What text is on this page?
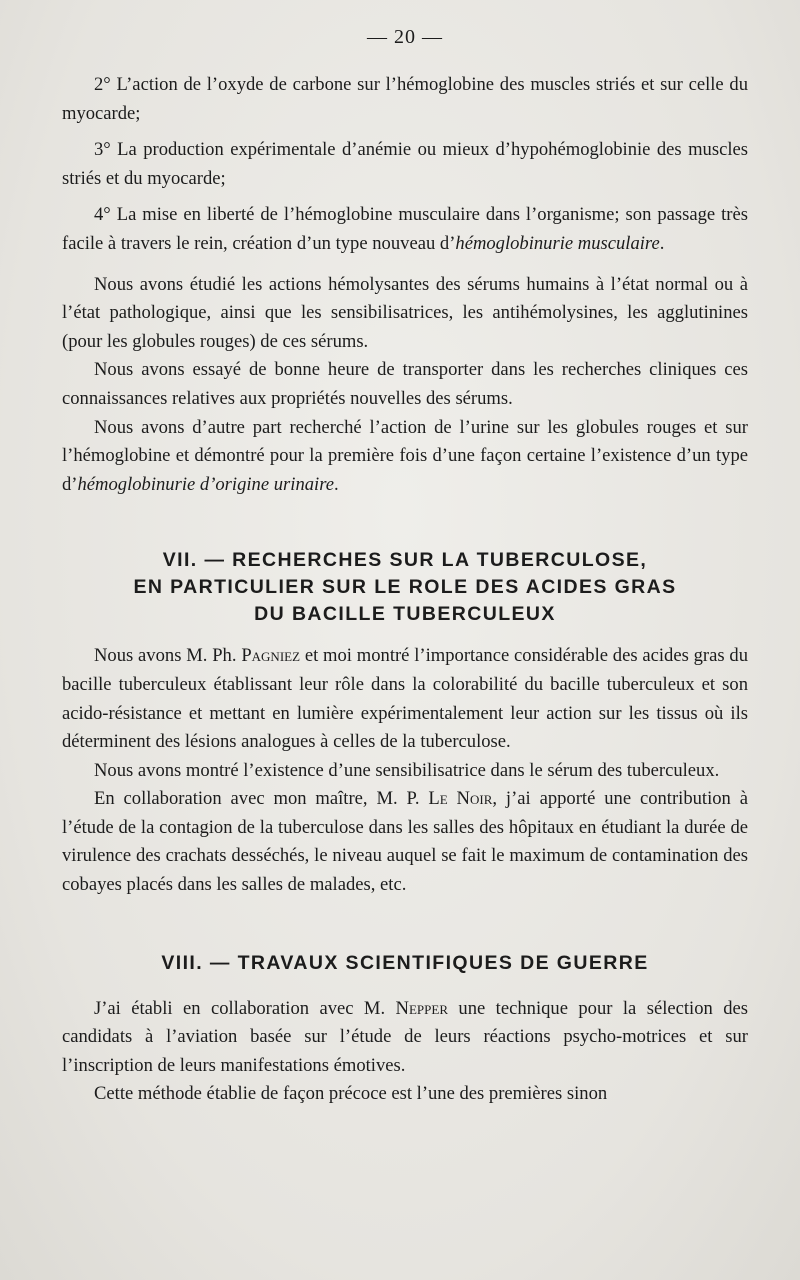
— 20 —

2° L’action de l’oxyde de carbone sur l’hémoglobine des muscles striés et sur celle du myocarde;

3° La production expérimentale d’anémie ou mieux d’hypohémoglobinie des muscles striés et du myocarde;

4° La mise en liberté de l’hémoglobine musculaire dans l’organisme; son passage très facile à travers le rein, création d’un type nouveau d’hémoglobinurie musculaire.

Nous avons étudié les actions hémolysantes des sérums humains à l’état normal ou à l’état pathologique, ainsi que les sensibilisatrices, les antihémolysines, les agglutinines (pour les globules rouges) de ces sérums.

Nous avons essayé de bonne heure de transporter dans les recherches cliniques ces connaissances relatives aux propriétés nouvelles des sérums.

Nous avons d’autre part recherché l’action de l’urine sur les globules rouges et sur l’hémoglobine et démontré pour la première fois d’une façon certaine l’existence d’un type d’hémoglobinurie d’origine urinaire.

VII. — RECHERCHES SUR LA TUBERCULOSE,
EN PARTICULIER SUR LE ROLE DES ACIDES GRAS
DU BACILLE TUBERCULEUX

Nous avons M. Ph. Pagniez et moi montré l’importance considérable des acides gras du bacille tuberculeux établissant leur rôle dans la colorabilité du bacille tuberculeux et son acido-résistance et mettant en lumière expérimentalement leur action sur les tissus où ils déterminent des lésions analogues à celles de la tuberculose.

Nous avons montré l’existence d’une sensibilisatrice dans le sérum des tuberculeux.

En collaboration avec mon maître, M. P. Le Noir, j’ai apporté une contribution à l’étude de la contagion de la tuberculose dans les salles des hôpitaux en étudiant la durée de virulence des crachats desséchés, le niveau auquel se fait le maximum de contamination des cobayes placés dans les salles de malades, etc.

VIII. — TRAVAUX SCIENTIFIQUES DE GUERRE

J’ai établi en collaboration avec M. Nepper une technique pour la sélection des candidats à l’aviation basée sur l’étude de leurs réactions psycho-motrices et sur l’inscription de leurs manifestations émotives.

Cette méthode établie de façon précoce est l’une des premières sinon
